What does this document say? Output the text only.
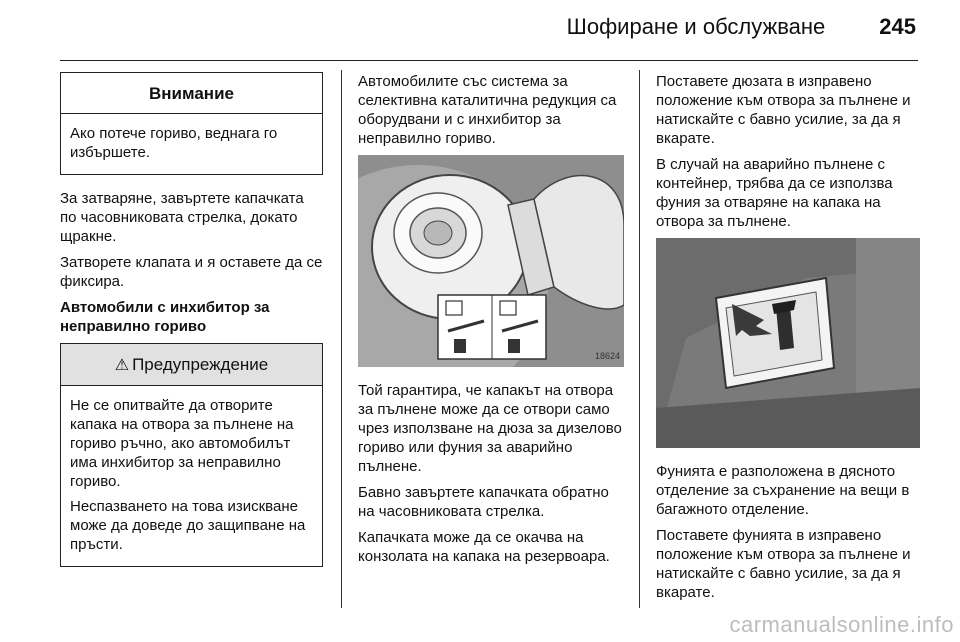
Шофиране и обслужване 245
Внимание

Ако потече гориво, веднага го избършете.

За затваряне, завъртете капачката по часовниковата стрелка, докато щракне.

Затворете клапата и я оставете да се фиксира.

Автомобили с инхибитор за неправилно гориво

⚠ Предупреждение

Не се опитвайте да отворите капака на отвора за пълнене на гориво ръчно, ако автомобилът има инхибитор за неправилно гориво.

Неспазването на това изискване може да доведе до защипване на пръсти.

Автомобилите със система за селективна каталитична редукция са оборудвани и с инхибитор за неправилно гориво.

18624

Той гарантира, че капакът на отвора за пълнене може да се отвори само чрез използване на дюза за дизелово гориво или фуния за аварийно пълнене.

Бавно завъртете капачката обратно на часовниковата стрелка.

Капачката може да се окачва на конзолата на капака на резервоара.

Поставете дюзата в изправено положение към отвора за пълнене и натискайте с бавно усилие, за да я вкарате.

В случай на аварийно пълнене с контейнер, трябва да се използва фуния за отваряне на капака на отвора за пълнене.

Фунията е разположена в дясното отделение за съхранение на вещи в багажното отделение.

Поставете фунията в изправено положение към отвора за пълнене и натискайте с бавно усилие, за да я вкарате.

carmanualsonline.info
